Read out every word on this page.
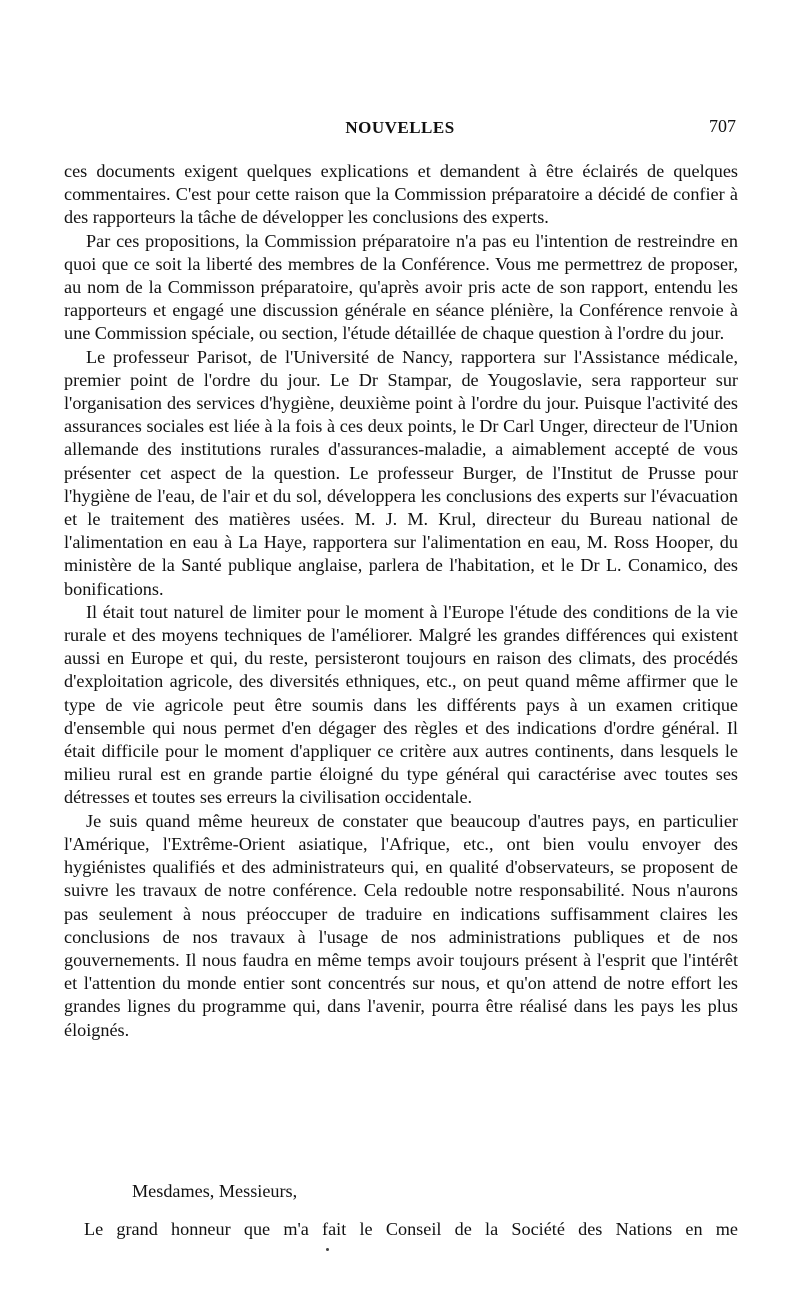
NOUVELLES	707

ces documents exigent quelques explications et demandent à être éclairés de quelques commentaires. C'est pour cette raison que la Commission préparatoire a décidé de confier à des rapporteurs la tâche de développer les conclusions des experts.

Par ces propositions, la Commission préparatoire n'a pas eu l'intention de restreindre en quoi que ce soit la liberté des membres de la Conférence. Vous me permettrez de proposer, au nom de la Commisson préparatoire, qu'après avoir pris acte de son rapport, entendu les rapporteurs et engagé une discussion générale en séance plénière, la Conférence renvoie à une Commission spéciale, ou section, l'étude détaillée de chaque question à l'ordre du jour.

Le professeur Parisot, de l'Université de Nancy, rapportera sur l'Assistance médicale, premier point de l'ordre du jour. Le Dr Stampar, de Yougoslavie, sera rapporteur sur l'organisation des services d'hygiène, deuxième point à l'ordre du jour. Puisque l'activité des assurances sociales est liée à la fois à ces deux points, le Dr Carl Unger, directeur de l'Union allemande des institutions rurales d'assurances-maladie, a aimablement accepté de vous présenter cet aspect de la question. Le professeur Burger, de l'Institut de Prusse pour l'hygiène de l'eau, de l'air et du sol, développera les conclusions des experts sur l'évacuation et le traitement des matières usées. M. J. M. Krul, directeur du Bureau national de l'alimentation en eau à La Haye, rapportera sur l'alimentation en eau, M. Ross Hooper, du ministère de la Santé publique anglaise, parlera de l'habitation, et le Dr L. Conamico, des bonifications.

Il était tout naturel de limiter pour le moment à l'Europe l'étude des conditions de la vie rurale et des moyens techniques de l'améliorer. Malgré les grandes différences qui existent aussi en Europe et qui, du reste, persisteront toujours en raison des climats, des procédés d'exploitation agricole, des diversités ethniques, etc., on peut quand même affirmer que le type de vie agricole peut être soumis dans les différents pays à un examen critique d'ensemble qui nous permet d'en dégager des règles et des indications d'ordre général. Il était difficile pour le moment d'appliquer ce critère aux autres continents, dans lesquels le milieu rural est en grande partie éloigné du type général qui caractérise avec toutes ses détresses et toutes ses erreurs la civilisation occidentale.

Je suis quand même heureux de constater que beaucoup d'autres pays, en particulier l'Amérique, l'Extrême-Orient asiatique, l'Afrique, etc., ont bien voulu envoyer des hygiénistes qualifiés et des administrateurs qui, en qualité d'observateurs, se proposent de suivre les travaux de notre conférence. Cela redouble notre responsabilité. Nous n'aurons pas seulement à nous préoccuper de traduire en indications suffisamment claires les conclusions de nos travaux à l'usage de nos administrations publiques et de nos gouvernements. Il nous faudra en même temps avoir toujours présent à l'esprit que l'intérêt et l'attention du monde entier sont concentrés sur nous, et qu'on attend de notre effort les grandes lignes du programme qui, dans l'avenir, pourra être réalisé dans les pays les plus éloignés.

Mesdames, Messieurs,
Le grand honneur que m'a fait le Conseil de la Société des Nations en me
